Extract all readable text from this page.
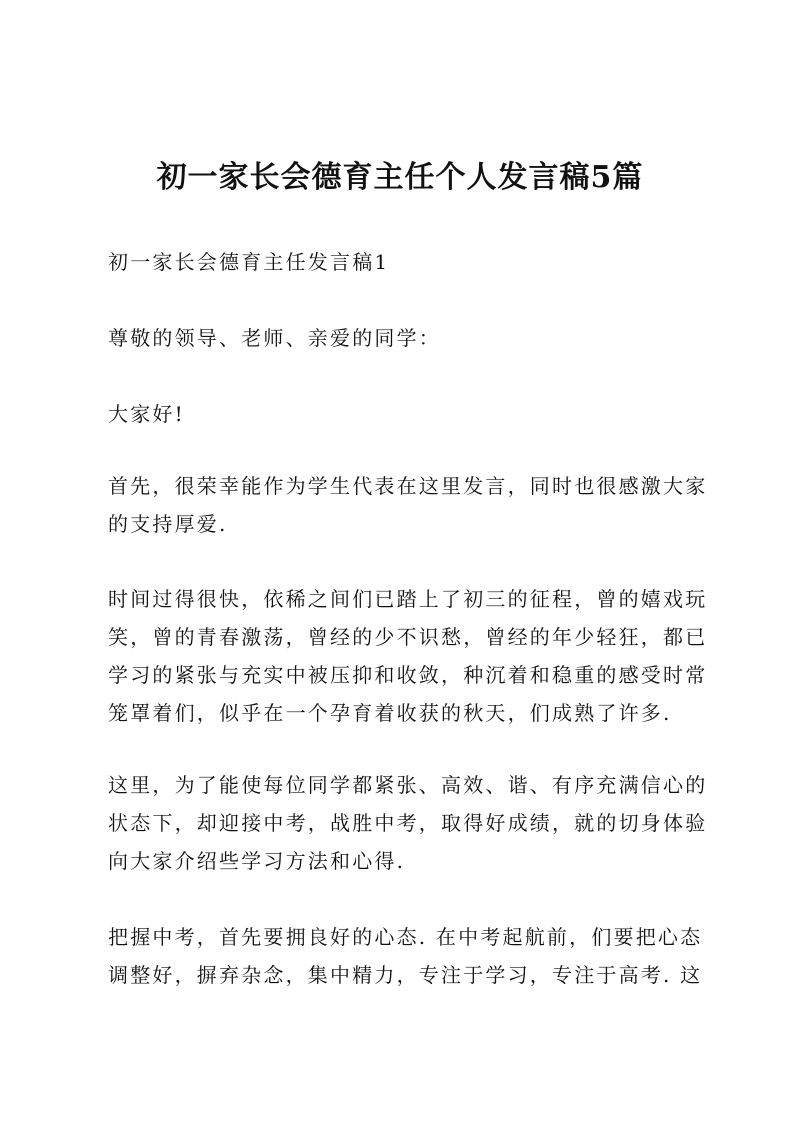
初一家长会德育主任个人发言稿5篇

初一家长会德育主任发言稿1

尊敬的领导、老师、亲爱的同学：

大家好!

首先，很荣幸能作为学生代表在这里发言，同时也很感激大家
的支持厚爱.

时间过得很快，依稀之间们已踏上了初三的征程，曾的嬉戏玩
笑，曾的青春激荡，曾经的少不识愁，曾经的年少轻狂，都已
学习的紧张与充实中被压抑和收敛，种沉着和稳重的感受时常
笼罩着们，似乎在一个孕育着收获的秋天，们成熟了许多.

这里，为了能使每位同学都紧张、高效、谐、有序充满信心的
状态下，却迎接中考，战胜中考，取得好成绩，就的切身体验
向大家介绍些学习方法和心得.

把握中考，首先要拥良好的心态. 在中考起航前，们要把心态
调整好，摒弃杂念，集中精力，专注于学习，专注于高考. 这
